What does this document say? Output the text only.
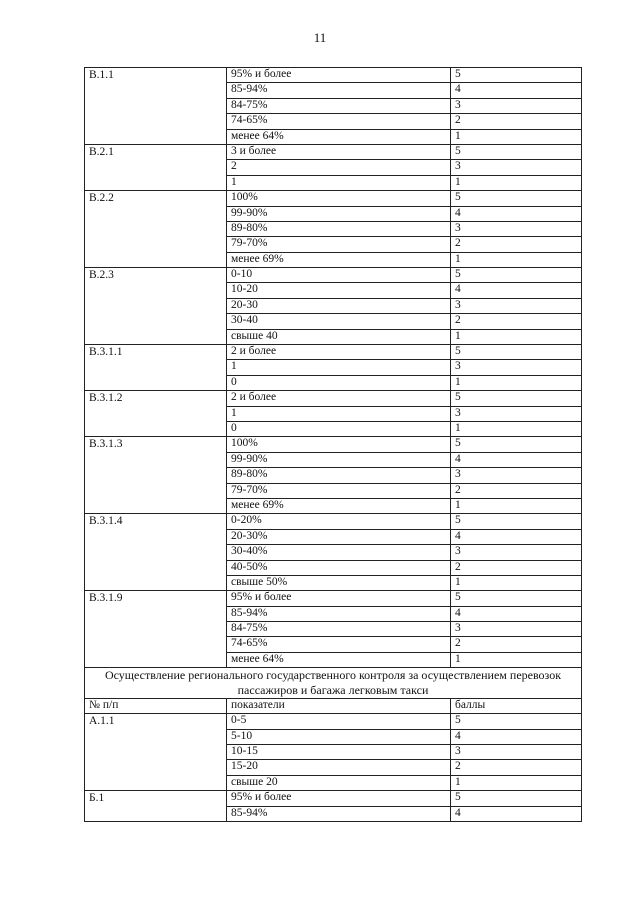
11
В.1.1	95% и более	5
	85-94%	4
	84-75%	3
	74-65%	2
	менее 64%	1
В.2.1	3 и более	5
	2	3
	1	1
В.2.2	100%	5
	99-90%	4
	89-80%	3
	79-70%	2
	менее 69%	1
В.2.3	0-10	5
	10-20	4
	20-30	3
	30-40	2
	свыше 40	1
В.3.1.1	2 и более	5
	1	3
	0	1
В.3.1.2	2 и более	5
	1	3
	0	1
В.3.1.3	100%	5
	99-90%	4
	89-80%	3
	79-70%	2
	менее 69%	1
В.3.1.4	0-20%	5
	20-30%	4
	30-40%	3
	40-50%	2
	свыше 50%	1
В.3.1.9	95% и более	5
	85-94%	4
	84-75%	3
	74-65%	2
	менее 64%	1
Осуществление регионального государственного контроля за осуществлением перевозок пассажиров и багажа легковым такси		
№ п/п	показатели	баллы
А.1.1	0-5	5
	5-10	4
	10-15	3
	15-20	2
	свыше 20	1
Б.1	95% и более	5
	85-94%	4
